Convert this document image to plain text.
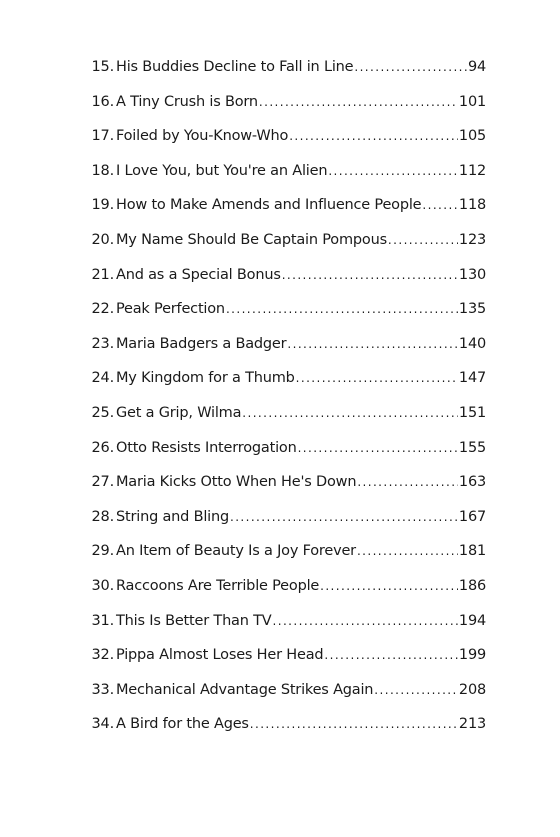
15. His Buddies Decline to Fall in Line .....	94
16. A Tiny Crush is Born .....	101
17. Foiled by You-Know-Who .....	105
18. I Love You, but You're an Alien .....	112
19. How to Make Amends and Influence People .....	118
20. My Name Should Be Captain Pompous .....	123
21. And as a Special Bonus .....	130
22. Peak Perfection .....	135
23. Maria Badgers a Badger .....	140
24. My Kingdom for a Thumb .....	147
25. Get a Grip, Wilma .....	151
26. Otto Resists Interrogation .....	155
27. Maria Kicks Otto When He's Down .....	163
28. String and Bling .....	167
29. An Item of Beauty Is a Joy Forever .....	181
30. Raccoons Are Terrible People .....	186
31. This Is Better Than TV .....	194
32. Pippa Almost Loses Her Head .....	199
33. Mechanical Advantage Strikes Again .....	208
34. A Bird for the Ages .....	213
